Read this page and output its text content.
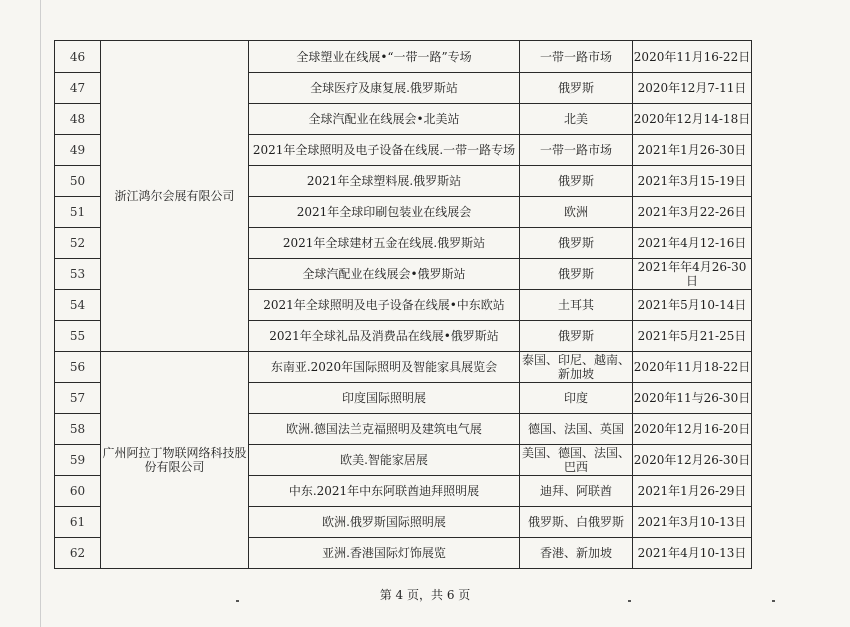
46	浙江鸿尔会展有限公司	全球塑业在线展•“一带一路”专场	一带一路市场	2020年11月16-22日
47		全球医疗及康复展.俄罗斯站	俄罗斯	2020年12月7-11日
48		全球汽配业在线展会•北美站	北美	2020年12月14-18日
49		2021年全球照明及电子设备在线展.一带一路专场	一带一路市场	2021年1月26-30日
50		2021年全球塑料展.俄罗斯站	俄罗斯	2021年3月15-19日
51		2021年全球印刷包装业在线展会	欧洲	2021年3月22-26日
52		2021年全球建材五金在线展.俄罗斯站	俄罗斯	2021年4月12-16日
53		全球汽配业在线展会•俄罗斯站	俄罗斯	2021年年4月26-30日
54		2021年全球照明及电子设备在线展•中东欧站	土耳其	2021年5月10-14日
55		2021年全球礼品及消费品在线展•俄罗斯站	俄罗斯	2021年5月21-25日
56	广州阿拉丁物联网络科技股份有限公司	东南亚.2020年国际照明及智能家具展览会	泰国、印尼、越南、新加坡	2020年11月18-22日
57		印度国际照明展	印度	2020年11与26-30日
58		欧洲.德国法兰克福照明及建筑电气展	德国、法国、英国	2020年12月16-20日
59		欧美.智能家居展	美国、德国、法国、巴西	2020年12月26-30日
60		中东.2021年中东阿联酋迪拜照明展	迪拜、阿联酋	2021年1月26-29日
61		欧洲.俄罗斯国际照明展	俄罗斯、白俄罗斯	2021年3月10-13日
62		亚洲.香港国际灯饰展览	香港、新加坡	2021年4月10-13日
第 4 页，共 6 页
